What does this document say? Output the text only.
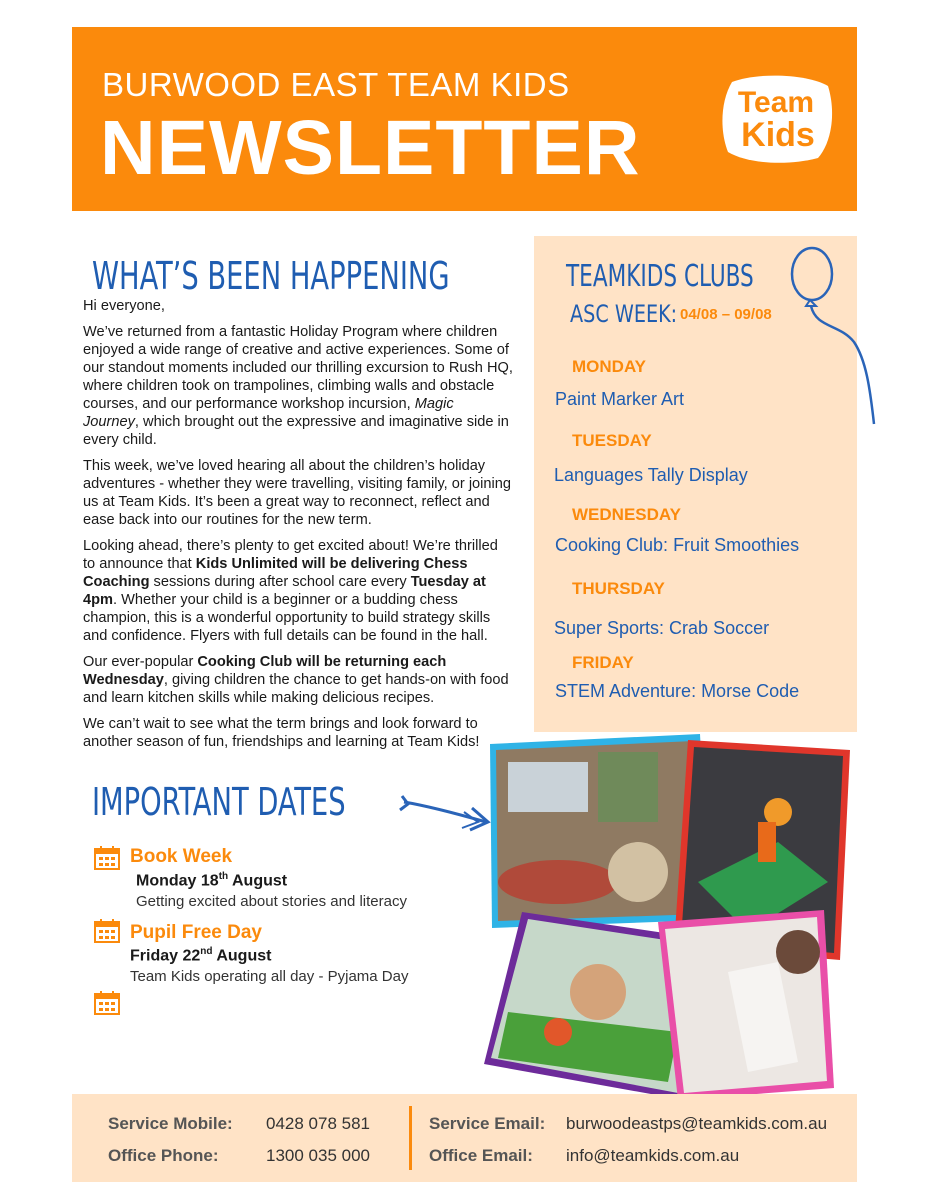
BURWOOD EAST TEAM KIDS
NEWSLETTER
Team
Kids
WHAT’S BEEN HAPPENING

Hi everyone,

We’ve returned from a fantastic Holiday Program where children enjoyed a wide range of creative and active experiences. Some of our standout moments included our thrilling excursion to Rush HQ, where children took on trampolines, climbing walls and obstacle courses, and our performance workshop incursion, Magic Journey, which brought out the expressive and imaginative side in every child.

This week, we’ve loved hearing all about the children’s holiday adventures - whether they were travelling, visiting family, or joining us at Team Kids. It’s been a great way to reconnect, reflect and ease back into our routines for the new term.

Looking ahead, there’s plenty to get excited about! We’re thrilled to announce that Kids Unlimited will be delivering Chess Coaching sessions during after school care every Tuesday at 4pm. Whether your child is a beginner or a budding chess champion, this is a wonderful opportunity to build strategy skills and confidence. Flyers with full details can be found in the hall.

Our ever-popular Cooking Club will be returning each Wednesday, giving children the chance to get hands-on with food and learn kitchen skills while making delicious recipes.

We can’t wait to see what the term brings and look forward to another season of fun, friendships and learning at Team Kids!

TEAMKIDS CLUBS
ASC WEEK: 04/08 – 09/08
MONDAY
Paint Marker Art
TUESDAY
Languages Tally Display
WEDNESDAY
Cooking Club: Fruit Smoothies
THURSDAY
Super Sports: Crab Soccer
FRIDAY
STEM Adventure: Morse Code
IMPORTANT DATES
Book Week
Monday 18th August
Getting excited about stories and literacy
Pupil Free Day
Friday 22nd August
Team Kids operating all day - Pyjama Day
Service Mobile: 0428 078 581
Office Phone:	1300 035 000
Service Email: burwoodeastps@teamkids.com.au
Office Email: info@teamkids.com.au
